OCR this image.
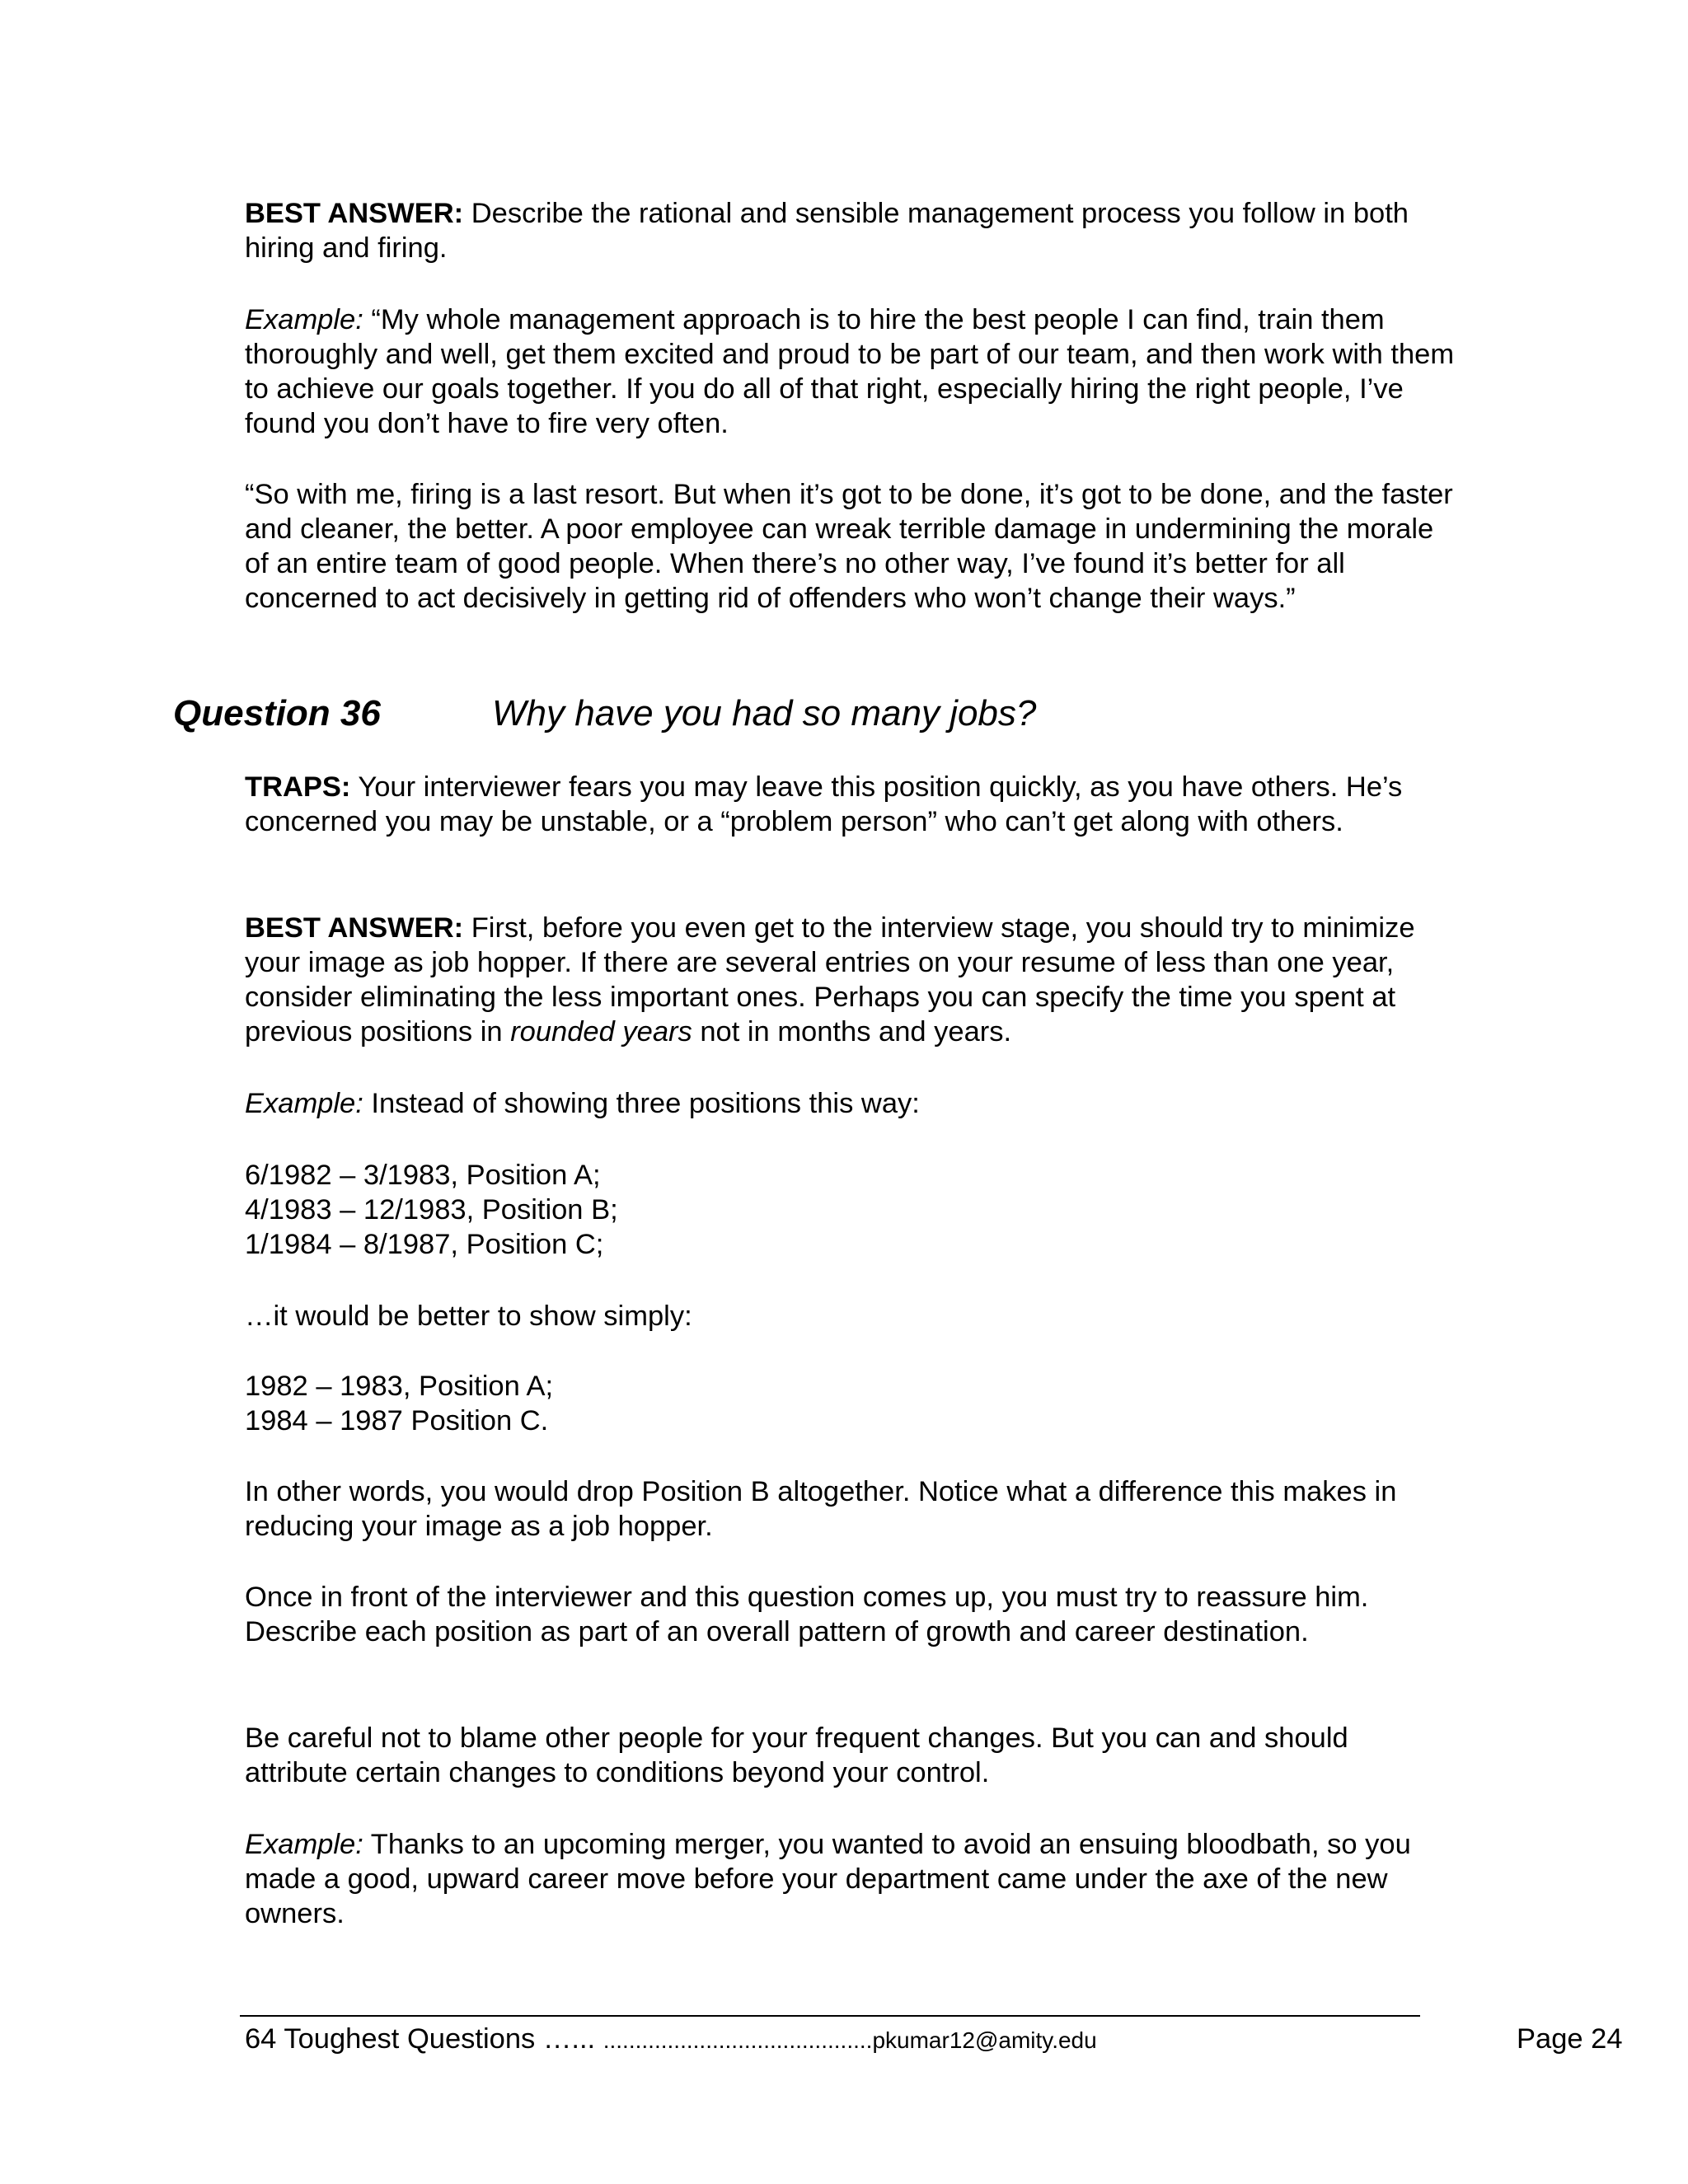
BEST ANSWER: Describe the rational and sensible management process you follow in both hiring and firing.

Example: “My whole management approach is to hire the best people I can find, train them thoroughly and well, get them excited and proud to be part of our team, and then work with them to achieve our goals together. If you do all of that right, especially hiring the right people, I’ve found you don’t have to fire very often.

“So with me, firing is a last resort. But when it’s got to be done, it’s got to be done, and the faster and cleaner, the better. A poor employee can wreak terrible damage in undermining the morale of an entire team of good people. When there’s no other way, I’ve found it’s better for all concerned to act decisively in getting rid of offenders who won’t change their ways.”

Question 36	Why have you had so many jobs?

TRAPS: Your interviewer fears you may leave this position quickly, as you have others. He’s concerned you may be unstable, or a “problem person” who can’t get along with others.

BEST ANSWER: First, before you even get to the interview stage, you should try to minimize your image as job hopper. If there are several entries on your resume of less than one year, consider eliminating the less important ones. Perhaps you can specify the time you spent at previous positions in rounded years not in months and years.

Example: Instead of showing three positions this way:

6/1982 – 3/1983, Position A;
4/1983 – 12/1983, Position B;
1/1984 – 8/1987, Position C;

…it would be better to show simply:

1982 – 1983, Position A;
1984 – 1987 Position C.

In other words, you would drop Position B altogether. Notice what a difference this makes in reducing your image as a job hopper.

Once in front of the interviewer and this question comes up, you must try to reassure him. Describe each position as part of an overall pattern of growth and career destination.

Be careful not to blame other people for your frequent changes. But you can and should attribute certain changes to conditions beyond your control.

Example: Thanks to an upcoming merger, you wanted to avoid an ensuing bloodbath, so you made a good, upward career move before your department came under the axe of the new owners.

64 Toughest Questions …... ..........................................pkumar12@amity.edu	Page 24
